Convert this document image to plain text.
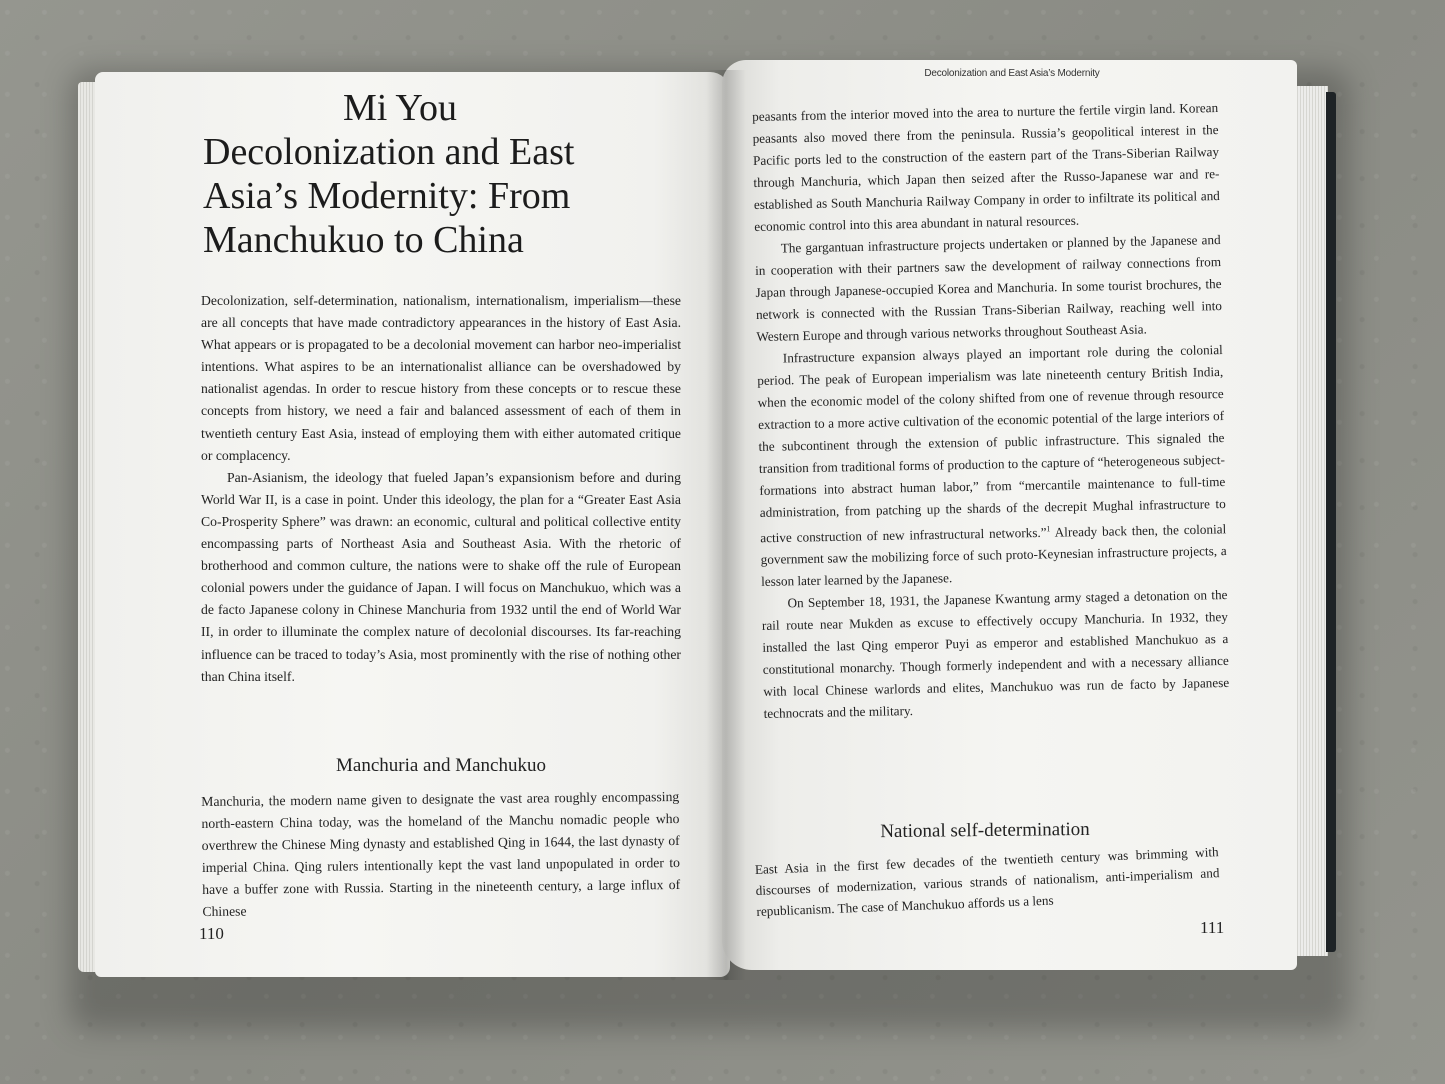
Mi You
Decolonization and East
Asia’s Modernity: From
Manchukuo to China

Decolonization, self-determination, nationalism, internationalism, imperialism—these are all concepts that have made contradictory appearances in the history of East Asia. What appears or is propagated to be a decolonial movement can harbor neo-imperialist intentions. What aspires to be an internationalist alliance can be overshadowed by nationalist agendas. In order to rescue history from these concepts or to rescue these concepts from history, we need a fair and balanced assessment of each of them in twentieth century East Asia, instead of employing them with either automated critique or complacency.

Pan-Asianism, the ideology that fueled Japan’s expansionism before and during World War II, is a case in point. Under this ideology, the plan for a “Greater East Asia Co-Prosperity Sphere” was drawn: an economic, cultural and political collective entity encompassing parts of Northeast Asia and Southeast Asia. With the rhetoric of brotherhood and common culture, the nations were to shake off the rule of European colonial powers under the guidance of Japan. I will focus on Manchukuo, which was a de facto Japanese colony in Chinese Manchuria from 1932 until the end of World War II, in order to illuminate the complex nature of decolonial discourses. Its far-reaching influence can be traced to today’s Asia, most prominently with the rise of nothing other than China itself.

Manchuria and Manchukuo

Manchuria, the modern name given to designate the vast area roughly encompassing north-eastern China today, was the homeland of the Manchu nomadic people who overthrew the Chinese Ming dynasty and established Qing in 1644, the last dynasty of imperial China. Qing rulers intentionally kept the vast land unpopulated in order to have a buffer zone with Russia. Starting in the nineteenth century, a large influx of Chinese

110
Decolonization and East Asia’s Modernity

peasants from the interior moved into the area to nurture the fertile virgin land. Korean peasants also moved there from the peninsula. Russia’s geopolitical interest in the Pacific ports led to the construction of the eastern part of the Trans-Siberian Railway through Manchuria, which Japan then seized after the Russo-Japanese war and re-established as South Manchuria Railway Company in order to infiltrate its political and economic control into this area abundant in natural resources.

The gargantuan infrastructure projects undertaken or planned by the Japanese and in cooperation with their partners saw the development of railway connections from Japan through Japanese-occupied Korea and Manchuria. In some tourist brochures, the network is connected with the Russian Trans-Siberian Railway, reaching well into Western Europe and through various networks throughout Southeast Asia.

Infrastructure expansion always played an important role during the colonial period. The peak of European imperialism was late nineteenth century British India, when the economic model of the colony shifted from one of revenue through resource extraction to a more active cultivation of the economic potential of the large interiors of the subcontinent through the extension of public infrastructure. This signaled the transition from traditional forms of production to the capture of “heterogeneous subject-formations into abstract human labor,” from “mercantile maintenance to full-time administration, from patching up the shards of the decrepit Mughal infrastructure to active construction of new infrastructural networks.”$^1$ Already back then, the colonial government saw the mobilizing force of such proto-Keynesian infrastructure projects, a lesson later learned by the Japanese.

On September 18, 1931, the Japanese Kwantung army staged a detonation on the rail route near Mukden as excuse to effectively occupy Manchuria. In 1932, they installed the last Qing emperor Puyi as emperor and established Manchukuo as a constitutional monarchy. Though formerly independent and with a necessary alliance with local Chinese warlords and elites, Manchukuo was run de facto by Japanese technocrats and the military.

National self-determination

East Asia in the first few decades of the twentieth century was brimming with discourses of modernization, various strands of nationalism, anti-imperialism and republicanism. The case of Manchukuo affords us a lens

111
